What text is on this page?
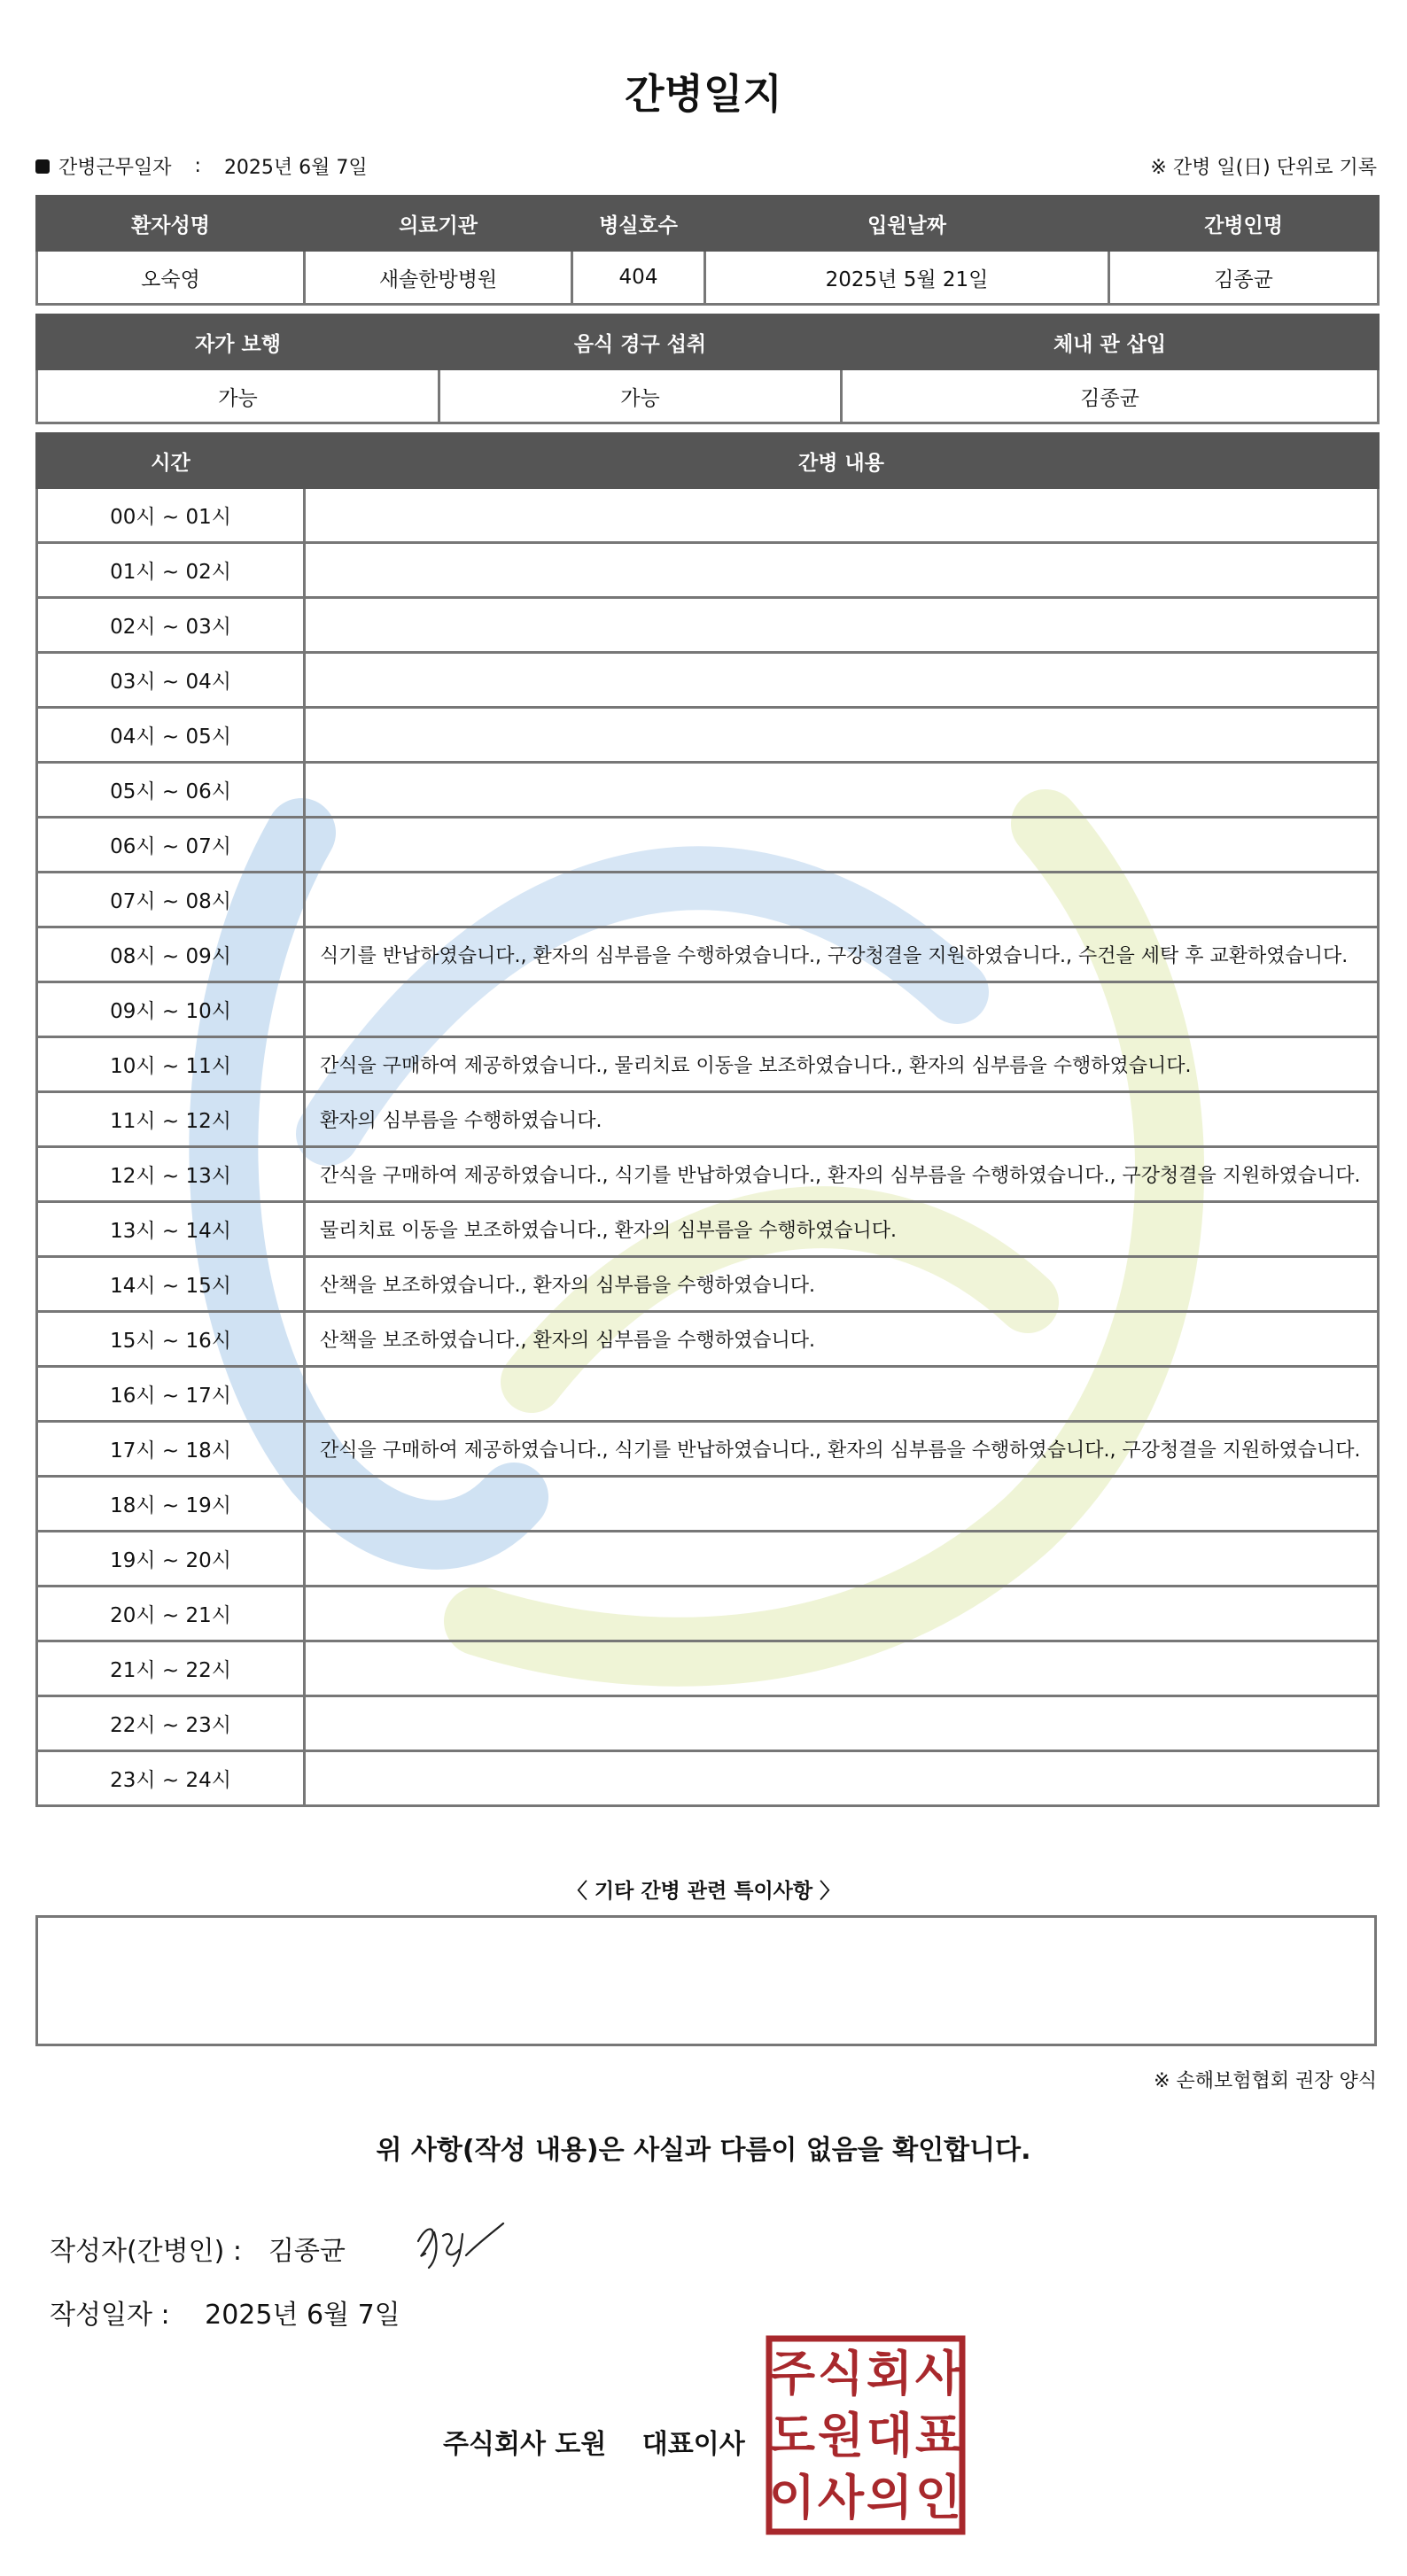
간병일지
간병근무일자 : 2025년 6월 7일	※ 간병 일(日) 단위로 기록
환자성명	의료기관	병실호수	입원날짜	간병인명
오숙영	새솔한방병원	404	2025년 5월 21일	김종균
자가 보행	음식 경구 섭취	체내 관 삽입
가능	가능	김종균
시간	간병 내용
00시 ~ 01시	
01시 ~ 02시	
02시 ~ 03시	
03시 ~ 04시	
04시 ~ 05시	
05시 ~ 06시	
06시 ~ 07시	
07시 ~ 08시	
08시 ~ 09시	식기를 반납하였습니다., 환자의 심부름을 수행하였습니다., 구강청결을 지원하였습니다., 수건을 세탁 후 교환하였습니다.
09시 ~ 10시	
10시 ~ 11시	간식을 구매하여 제공하였습니다., 물리치료 이동을 보조하였습니다., 환자의 심부름을 수행하였습니다.
11시 ~ 12시	환자의 심부름을 수행하였습니다.
12시 ~ 13시	간식을 구매하여 제공하였습니다., 식기를 반납하였습니다., 환자의 심부름을 수행하였습니다., 구강청결을 지원하였습니다.
13시 ~ 14시	물리치료 이동을 보조하였습니다., 환자의 심부름을 수행하였습니다.
14시 ~ 15시	산책을 보조하였습니다., 환자의 심부름을 수행하였습니다.
15시 ~ 16시	산책을 보조하였습니다., 환자의 심부름을 수행하였습니다.
16시 ~ 17시	
17시 ~ 18시	간식을 구매하여 제공하였습니다., 식기를 반납하였습니다., 환자의 심부름을 수행하였습니다., 구강청결을 지원하였습니다.
18시 ~ 19시	
19시 ~ 20시	
20시 ~ 21시	
21시 ~ 22시	
22시 ~ 23시	
23시 ~ 24시	
〈 기타 간병 관련 특이사항 〉
※ 손해보험협회 권장 양식
위 사항(작성 내용)은 사실과 다름이 없음을 확인합니다.
작성자(간병인) : 김종균
작성일자 : 2025년 6월 7일
주식회사 도원 대표이사
주 식 회 사
도 원 대 표
이 사 의 인
